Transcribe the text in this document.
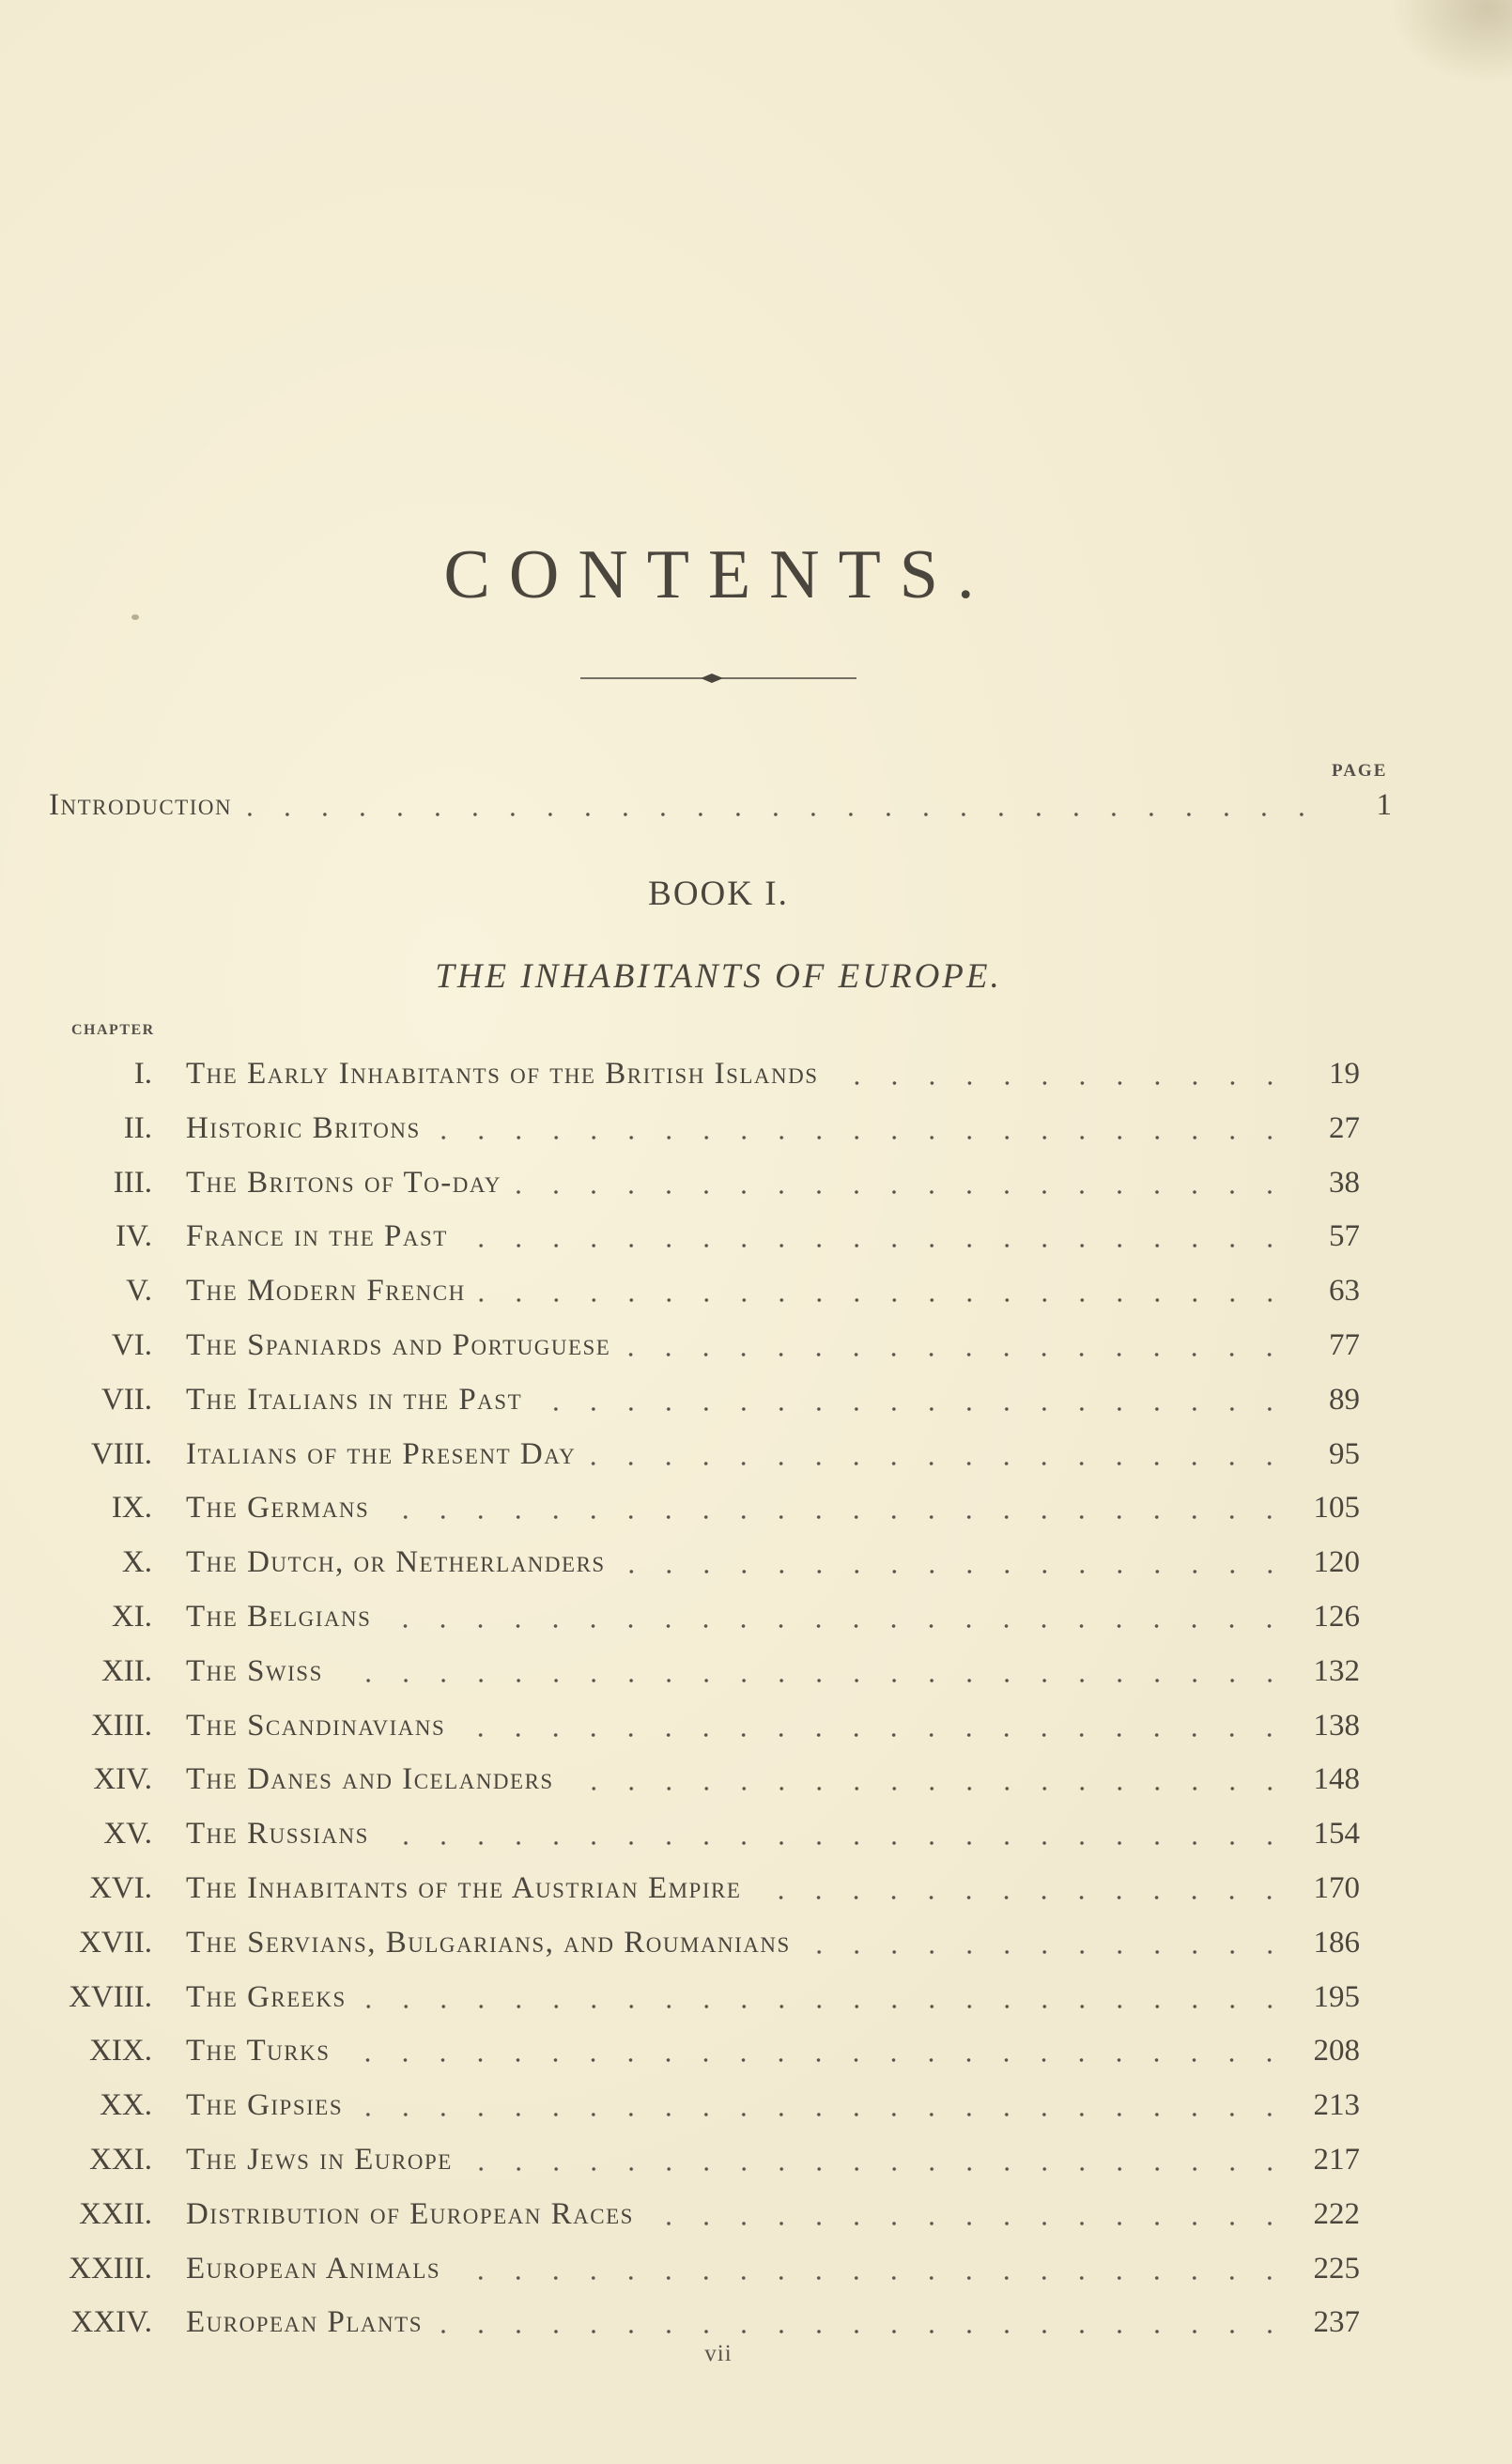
CONTENTS.
PAGE
Introduction	1
BOOK I.
THE INHABITANTS OF EUROPE.
CHAPTER
I. The Early Inhabitants of the British Islands	19
II. Historic Britons	27
III. The Britons of To-day	38
IV. France in the Past	57
V. The Modern French	63
VI. The Spaniards and Portuguese	77
VII. The Italians in the Past	89
VIII. Italians of the Present Day	95
IX. The Germans	105
X. The Dutch, or Netherlanders	120
XI. The Belgians	126
XII. The Swiss	132
XIII. The Scandinavians	138
XIV. The Danes and Icelanders	148
XV. The Russians	154
XVI. The Inhabitants of the Austrian Empire	170
XVII. The Servians, Bulgarians, and Roumanians	186
XVIII. The Greeks	195
XIX. The Turks	208
XX. The Gipsies	213
XXI. The Jews in Europe	217
XXII. Distribution of European Races	222
XXIII. European Animals	225
XXIV. European Plants	237
vii
